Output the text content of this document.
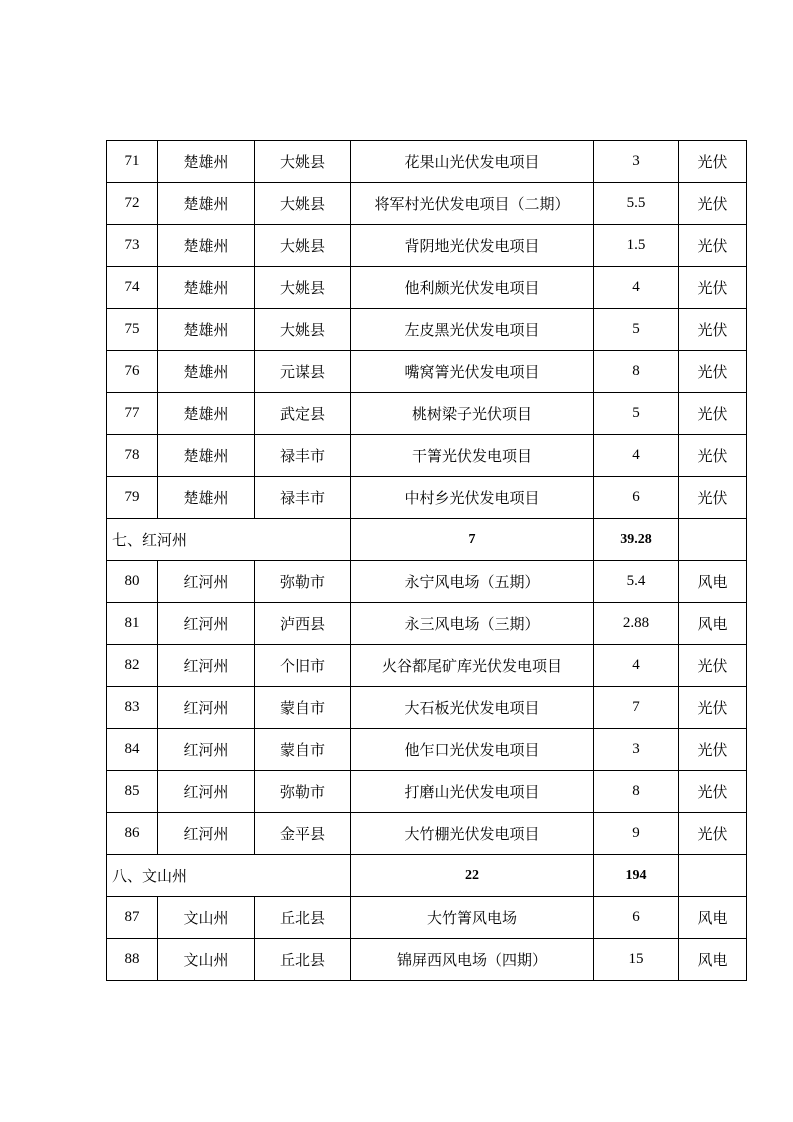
71	楚雄州	大姚县	花果山光伏发电项目	3	光伏
72	楚雄州	大姚县	将军村光伏发电项目（二期）	5.5	光伏
73	楚雄州	大姚县	背阴地光伏发电项目	1.5	光伏
74	楚雄州	大姚县	他利颇光伏发电项目	4	光伏
75	楚雄州	大姚县	左皮黑光伏发电项目	5	光伏
76	楚雄州	元谋县	嘴窝箐光伏发电项目	8	光伏
77	楚雄州	武定县	桃树梁子光伏项目	5	光伏
78	楚雄州	禄丰市	干箐光伏发电项目	4	光伏
79	楚雄州	禄丰市	中村乡光伏发电项目	6	光伏
七、红河州			7	39.28	
80	红河州	弥勒市	永宁风电场（五期）	5.4	风电
81	红河州	泸西县	永三风电场（三期）	2.88	风电
82	红河州	个旧市	火谷都尾矿库光伏发电项目	4	光伏
83	红河州	蒙自市	大石板光伏发电项目	7	光伏
84	红河州	蒙自市	他乍口光伏发电项目	3	光伏
85	红河州	弥勒市	打磨山光伏发电项目	8	光伏
86	红河州	金平县	大竹棚光伏发电项目	9	光伏
八、文山州			22	194	
87	文山州	丘北县	大竹箐风电场	6	风电
88	文山州	丘北县	锦屏西风电场（四期）	15	风电
